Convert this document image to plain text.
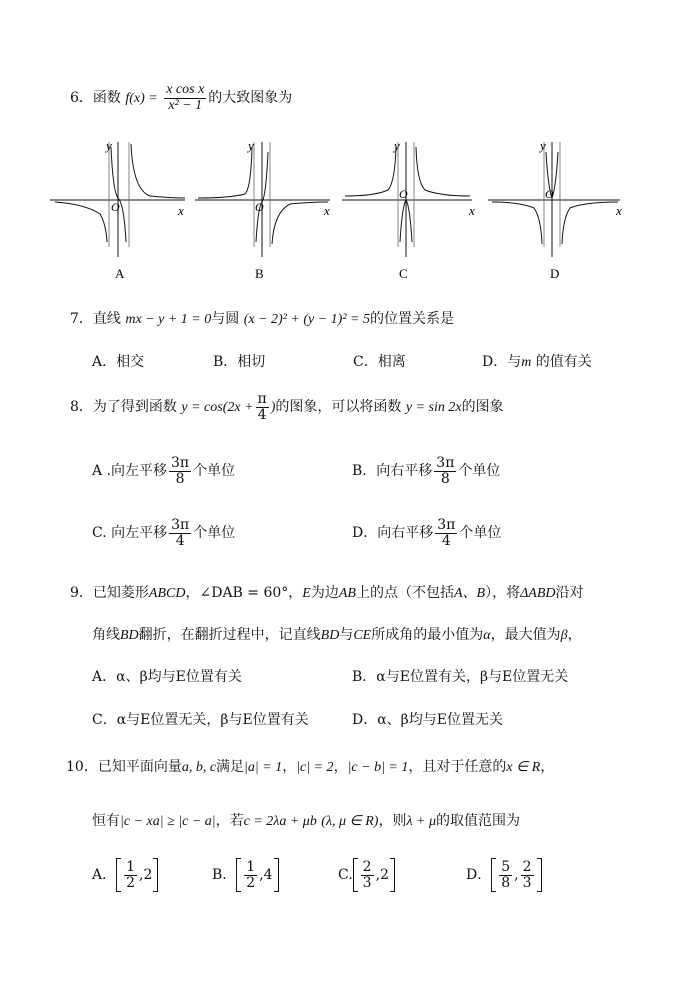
6．函数 $f(x) = \frac{\text{x cos x}}{\text{x² − 1}}$ 的大致图象为
y
x
O
A
y
x
O
B
y
x
O
C
y
x
O
D
7．直线 mx − y + 1 = 0与圆 (x − 2)² + (y − 1)² = 5的位置关系是
A．相交	B．相切	C．相离	D．与m 的值有关
8．为了得到函数 $y = \cos(2x + \frac{\pi}{4}$ )的图象，可以将函数 y = sin 2x的图象
A .向左平移 $\frac{3\pi}{8}$ 个单位	B．向右平移 $\frac{3\pi}{8}$ 个单位
C. 向左平移 $\frac{3\pi}{4}$ 个单位	D．向右平移 $\frac{3\pi}{4}$ 个单位
9．已知菱形ABCD，∠DAB = 60°，E为边AB上的点（不包括A、B），将ΔABD沿对
角线BD翻折，在翻折过程中，记直线BD与CE所成角的最小值为α，最大值为β，
A．α、β均与E位置有关	B．α与E位置有关，β与E位置无关
C．α与E位置无关，β与E位置有关	D．α、β均与E位置无关
10．已知平面向量a, b, c满足|a| = 1，|c| = 2，|c − b| = 1，且对于任意的x ∈ R，
恒有|c − xa| ≥ |c − a|，若c = 2λa + μb (λ, μ ∈ R)，则λ + μ的取值范围为
A． $\frac{1}{2} ,2$	B． $\frac{1}{2} ,4$	C. $\frac{2}{3} ,2$	D． $\frac{5}{8}$ , $\frac{2}{3}$
